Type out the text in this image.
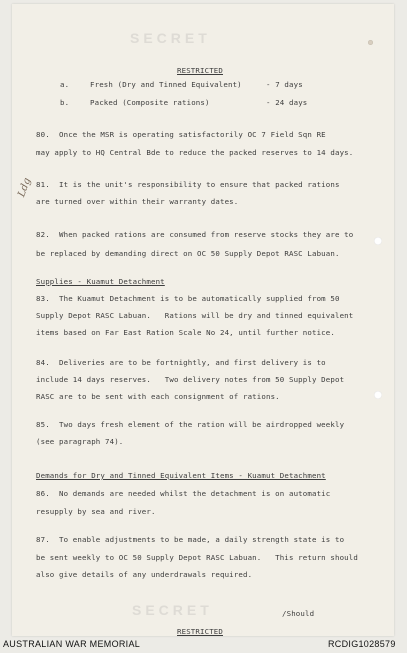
SECRET
SECRET
RESTRICTED
a.	Fresh (Dry and Tinned Equivalent)	- 7 days
b.	Packed (Composite rations)	- 24 days
80.  Once the MSR is operating satisfactorily OC 7 Field Sqn RE
may apply to HQ Central Bde to reduce the packed reserves to 14 days.
Ldg 81.  It is the unit's responsibility to ensure that packed rations
are turned over within their warranty dates.
82.  When packed rations are consumed from reserve stocks they are to
be replaced by demanding direct on OC 50 Supply Depot RASC Labuan.
Supplies - Kuamut Detachment
83.  The Kuamut Detachment is to be automatically supplied from 50
Supply Depot RASC Labuan.   Rations will be dry and tinned equivalent
items based on Far East Ration Scale No 24, until further notice.
84.  Deliveries are to be fortnightly, and first delivery is to
include 14 days reserves.   Two delivery notes from 50 Supply Depot
RASC are to be sent with each consignment of rations.
85.  Two days fresh element of the ration will be airdropped weekly
(see paragraph 74).
Demands for Dry and Tinned Equivalent Items - Kuamut Detachment
86.  No demands are needed whilst the detachment is on automatic
resupply by sea and river.
87.  To enable adjustments to be made, a daily strength state is to
be sent weekly to OC 50 Supply Depot RASC Labuan.   This return should
also give details of any underdrawals required.
/Should
RESTRICTED
AUSTRALIAN WAR MEMORIAL	RCDIG1028579
